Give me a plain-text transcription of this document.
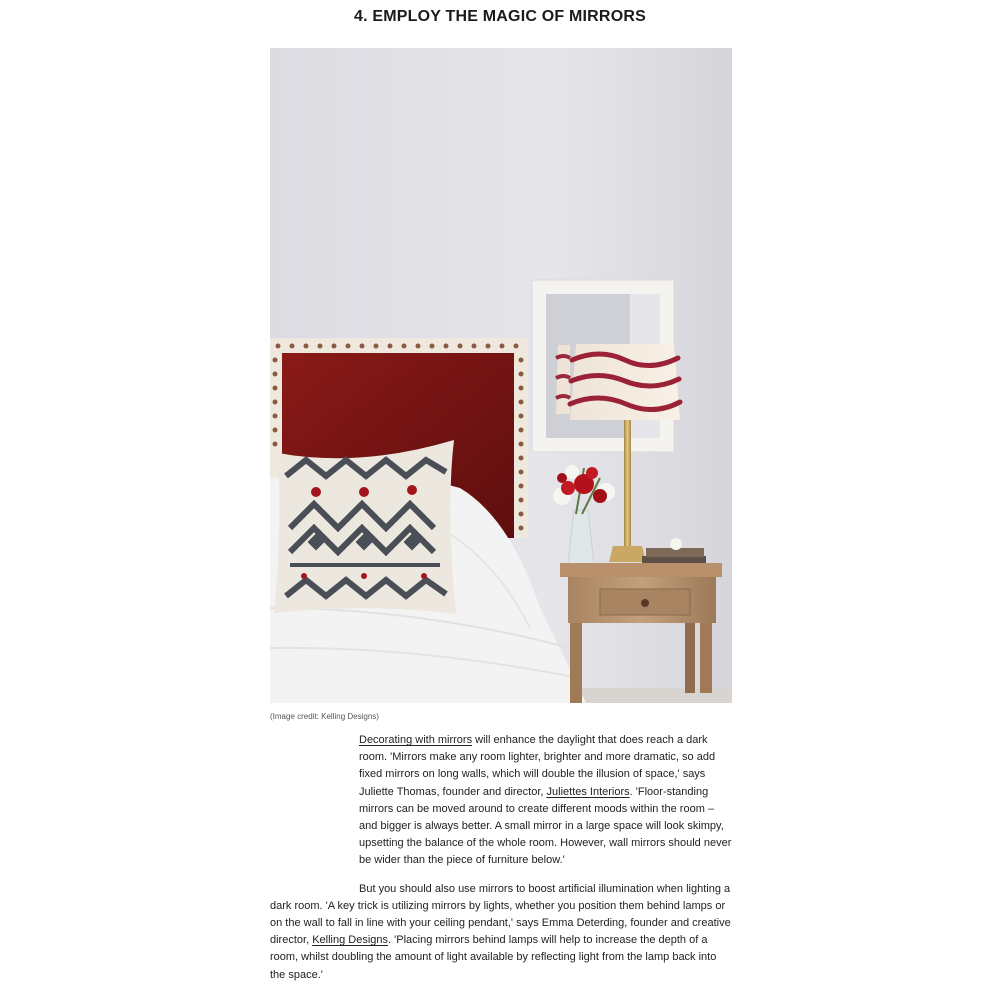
4. EMPLOY THE MAGIC OF MIRRORS
(Image credit: Kelling Designs)

Decorating with mirrors will enhance the daylight that does reach a dark room. 'Mirrors make any room lighter, brighter and more dramatic, so add fixed mirrors on long walls, which will double the illusion of space,' says Juliette Thomas, founder and director, Juliettes Interiors. 'Floor-standing mirrors can be moved around to create different moods within the room – and bigger is always better. A small mirror in a large space will look skimpy, upsetting the balance of the whole room. However, wall mirrors should never be wider than the piece of furniture below.'

But you should also use mirrors to boost artificial illumination when lighting a dark room. 'A key trick is utilizing mirrors by lights, whether you position them behind lamps or on the wall to fall in line with your ceiling pendant,' says Emma Deterding, founder and creative director, Kelling Designs. 'Placing mirrors behind lamps will help to increase the depth of a room, whilst doubling the amount of light available by reflecting light from the lamp back into the space.'
